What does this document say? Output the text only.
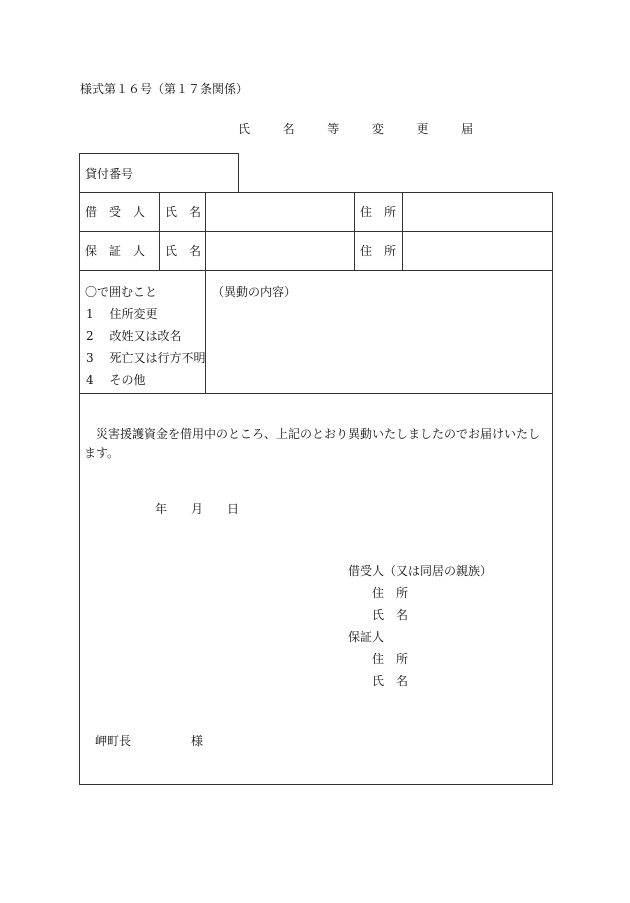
様式第１６号（第１７条関係）
氏 名 等 変 更 届
貸付番号
借　受　人 氏　名	住　所
保　証　人 氏　名	住　所
〇で囲むこと
1　 住所変更
2　 改姓又は改名
3　 死亡又は行方不明
4　 その他
（異動の内容）
災害援護資金を借用中のところ、上記のとおり異動いたしましたのでお届けいたします。
年　　月　　日
借受人（又は同居の親族）
住　所
氏　名
保証人
住　所
氏　名
岬町長　　　　　様
